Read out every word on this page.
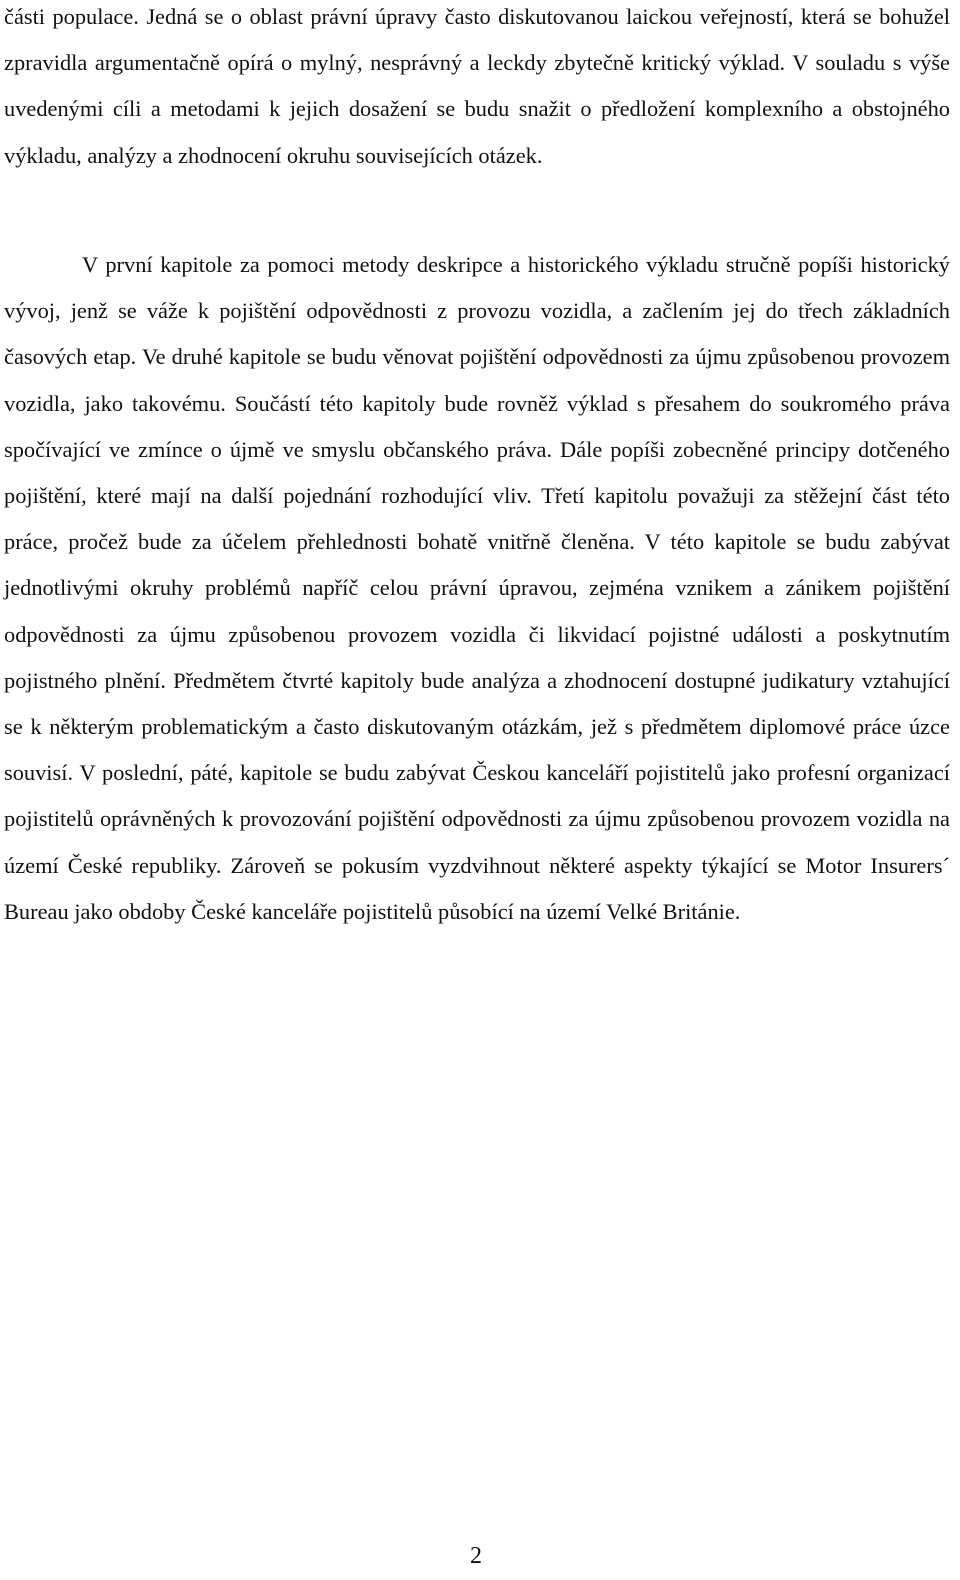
části populace. Jedná se o oblast právní úpravy často diskutovanou laickou veřejností, která se bohužel zpravidla argumentačně opírá o mylný, nesprávný a leckdy zbytečně kritický výklad. V souladu s výše uvedenými cíli a metodami k jejich dosažení se budu snažit o předložení komplexního a obstojného výkladu, analýzy a zhodnocení okruhu souvisejících otázek.

V první kapitole za pomoci metody deskripce a historického výkladu stručně popíši historický vývoj, jenž se váže k pojištění odpovědnosti z provozu vozidla, a začlením jej do třech základních časových etap. Ve druhé kapitole se budu věnovat pojištění odpovědnosti za újmu způsobenou provozem vozidla, jako takovému. Součástí této kapitoly bude rovněž výklad s přesahem do soukromého práva spočívající ve zmínce o újmě ve smyslu občanského práva. Dále popíši zobecněné principy dotčeného pojištění, které mají na další pojednání rozhodující vliv. Třetí kapitolu považuji za stěžejní část této práce, pročež bude za účelem přehlednosti bohatě vnitřně členěna. V této kapitole se budu zabývat jednotlivými okruhy problémů napříč celou právní úpravou, zejména vznikem a zánikem pojištění odpovědnosti za újmu způsobenou provozem vozidla či likvidací pojistné události a poskytnutím pojistného plnění. Předmětem čtvrté kapitoly bude analýza a zhodnocení dostupné judikatury vztahující se k některým problematickým a často diskutovaným otázkám, jež s předmětem diplomové práce úzce souvisí. V poslední, páté, kapitole se budu zabývat Českou kanceláří pojistitelů jako profesní organizací pojistitelů oprávněných k provozování pojištění odpovědnosti za újmu způsobenou provozem vozidla na území České republiky. Zároveň se pokusím vyzdvihnout některé aspekty týkající se Motor Insurers´ Bureau jako obdoby České kanceláře pojistitelů působící na území Velké Británie.

2
